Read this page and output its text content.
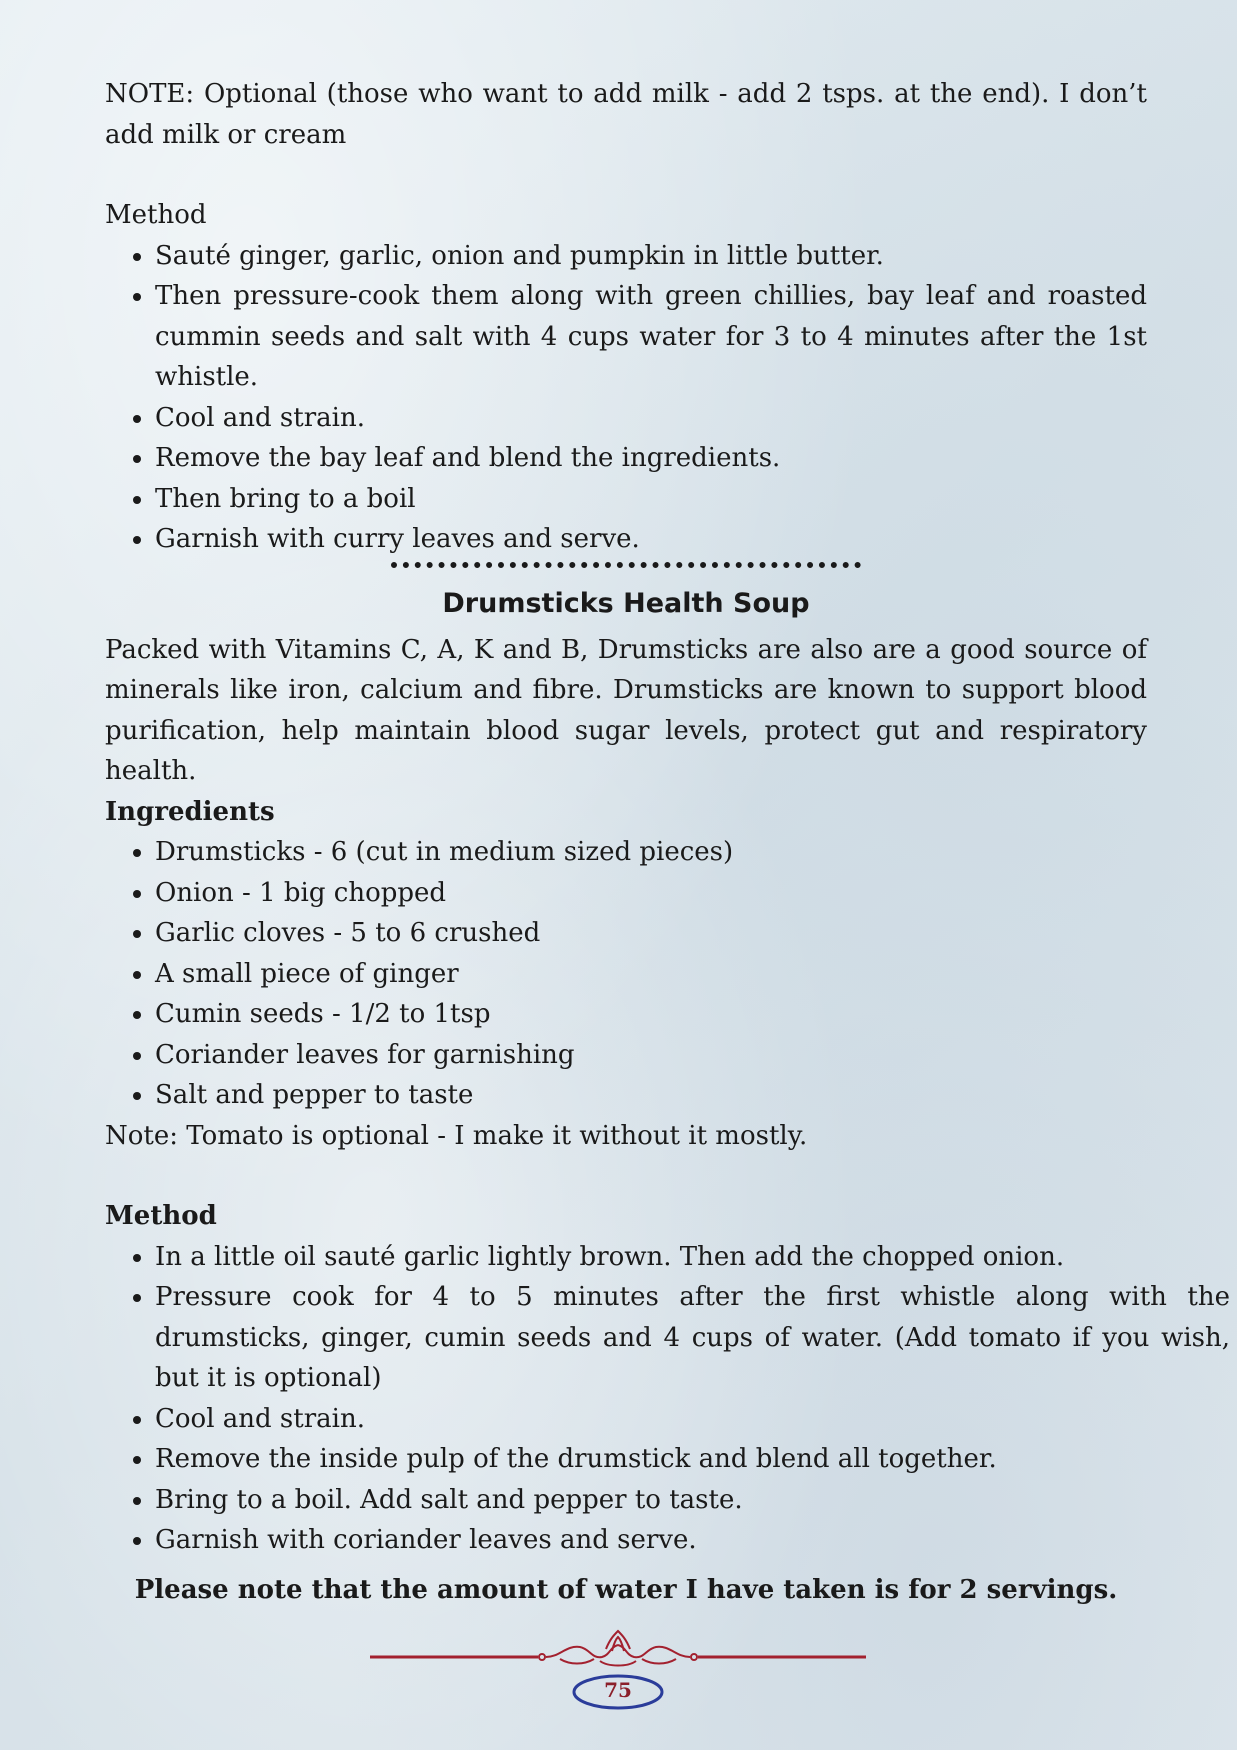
NOTE: Optional (those who want to add milk - add 2 tsps. at the end). I don’t add milk or cream

Method

• Sauté ginger, garlic, onion and pumpkin in little butter.
• Then pressure-cook them along with green chillies, bay leaf and roasted cummin seeds and salt with 4 cups water for 3 to 4 minutes after the 1st whistle.
• Cool and strain.
• Remove the bay leaf and blend the ingredients.
• Then bring to a boil
• Garnish with curry leaves and serve.
Drumsticks Health Soup

Packed with Vitamins C, A, K and B, Drumsticks are also are a good source of minerals like iron, calcium and fibre. Drumsticks are known to support blood purification, help maintain blood sugar levels, protect gut and respiratory health.

Ingredients

• Drumsticks - 6 (cut in medium sized pieces)
• Onion - 1 big chopped
• Garlic cloves - 5 to 6 crushed
• A small piece of ginger
• Cumin seeds - 1/2 to 1tsp
• Coriander leaves for garnishing
• Salt and pepper to taste

Note: Tomato is optional - I make it without it mostly.

Method

• In a little oil sauté garlic lightly brown. Then add the chopped onion.
• Pressure cook for 4 to 5 minutes after the first whistle along with the drumsticks, ginger, cumin seeds and 4 cups of water. (Add tomato if you wish, but it is optional)
• Cool and strain.
• Remove the inside pulp of the drumstick and blend all together.
• Bring to a boil. Add salt and pepper to taste.
• Garnish with coriander leaves and serve.

Please note that the amount of water I have taken is for 2 servings.

75
